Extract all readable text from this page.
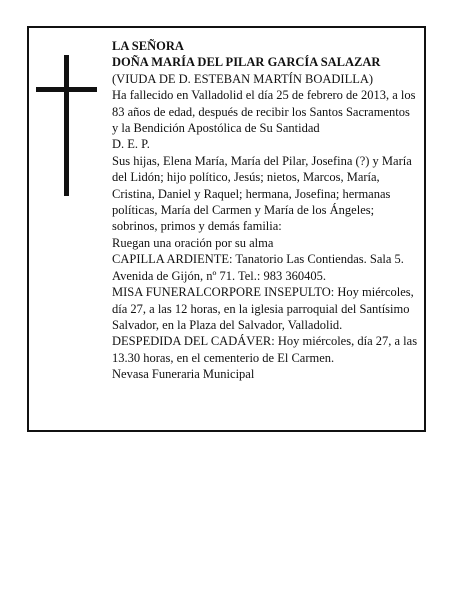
LA SEÑORA

DOÑA MARÍA DEL PILAR GARCÍA SALAZAR

(VIUDA DE D. ESTEBAN MARTÍN BOADILLA)

Ha fallecido en Valladolid el día 25 de febrero de 2013, a los 83 años de edad, después de recibir los Santos Sacramentos y la Bendición Apostólica de Su Santidad

D. E. P.

Sus hijas, Elena María, María del Pilar, Josefina (?) y María del Lidón; hijo político, Jesús; nietos, Marcos, María, Cristina, Daniel y Raquel; hermana, Josefina; hermanas políticas, María del Carmen y María de los Ángeles; sobrinos, primos y demás familia:

Ruegan una oración por su alma

CAPILLA ARDIENTE: Tanatorio Las Contiendas. Sala 5. Avenida de Gijón, nº 71. Tel.: 983 360405.

MISA FUNERALCORPORE INSEPULTO: Hoy miércoles, día 27, a las 12 horas, en la iglesia parroquial del Santísimo Salvador, en la Plaza del Salvador, Valladolid.

DESPEDIDA DEL CADÁVER: Hoy miércoles, día 27, a las 13.30 horas, en el cementerio de El Carmen.

Nevasa Funeraria Municipal
